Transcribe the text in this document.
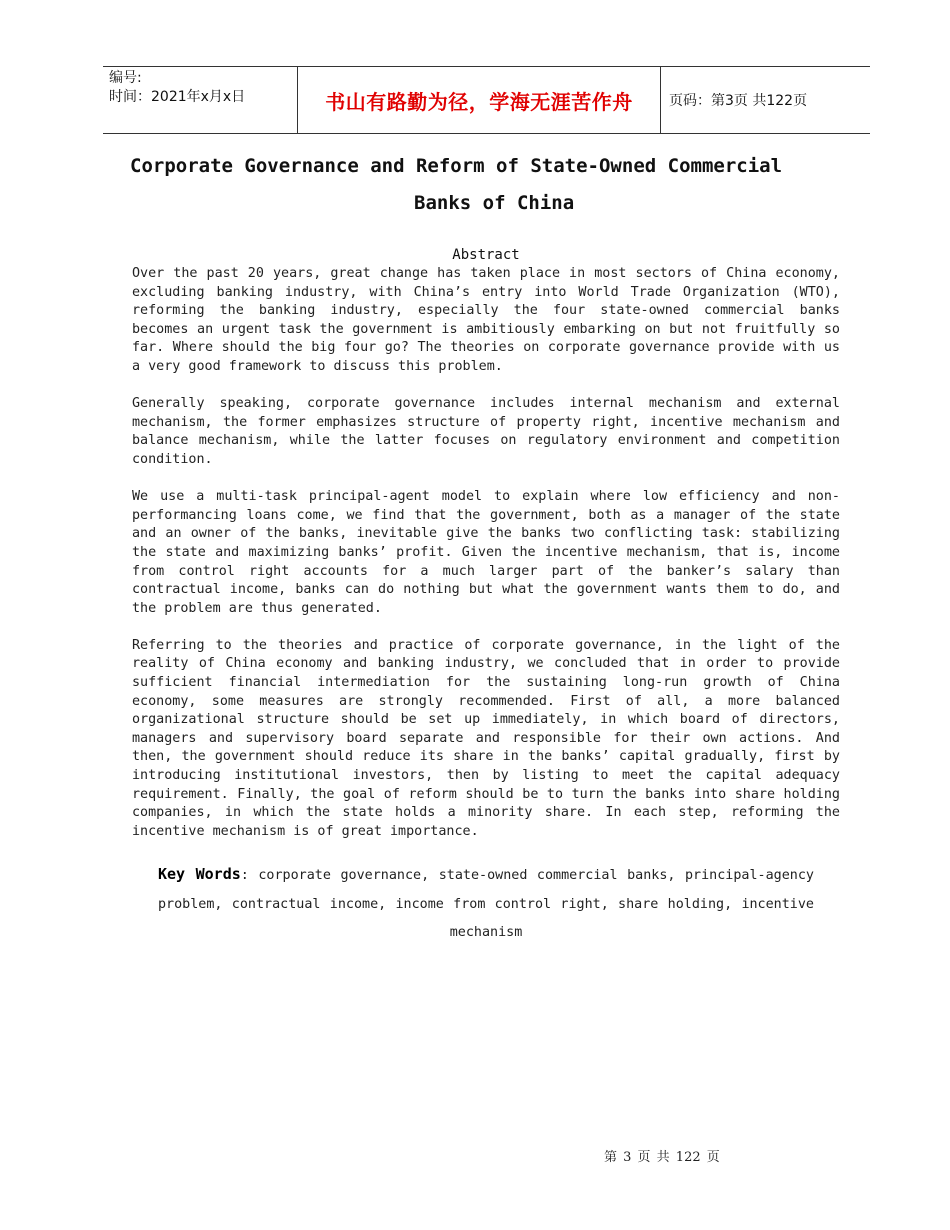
编号:
时间：2021年x月x日	书山有路勤为径，学海无涯苦作舟	页码：第3页 共122页
Corporate Governance and Reform of State-Owned Commercial
Banks of China
Abstract

Over the past 20 years, great change has taken place in most sectors of China economy, excluding banking industry, with China’s entry into World Trade Organization (WTO), reforming the banking industry, especially the four state-owned commercial banks becomes an urgent task the government is ambitiously embarking on but not fruitfully so far. Where should the big four go? The theories on corporate governance provide with us a very good framework to discuss this problem.

Generally speaking, corporate governance includes internal mechanism and external mechanism, the former emphasizes structure of property right, incentive mechanism and balance mechanism, while the latter focuses on regulatory environment and competition condition.

We use a multi-task principal-agent model to explain where low efficiency and non-performancing loans come, we find that the government, both as a manager of the state and an owner of the banks, inevitable give the banks two conflicting task: stabilizing the state and maximizing banks’ profit. Given the incentive mechanism, that is, income from control right accounts for a much larger part of the banker’s salary than contractual income, banks can do nothing but what the government wants them to do, and the problem are thus generated.

Referring to the theories and practice of corporate governance, in the light of the reality of China economy and banking industry, we concluded that in order to provide sufficient financial intermediation for the sustaining long-run growth of China economy, some measures are strongly recommended. First of all, a more balanced organizational structure should be set up immediately, in which board of directors, managers and supervisory board separate and responsible for their own actions. And then, the government should reduce its share in the banks’ capital gradually, first by introducing institutional investors, then by listing to meet the capital adequacy requirement. Finally, the goal of reform should be to turn the banks into share holding companies, in which the state holds a minority share. In each step, reforming the incentive mechanism is of great importance.

Key Words: corporate governance, state-owned commercial banks, principal-agency problem, contractual income, income from control right, share holding, incentive mechanism
第 3 页 共 122 页
